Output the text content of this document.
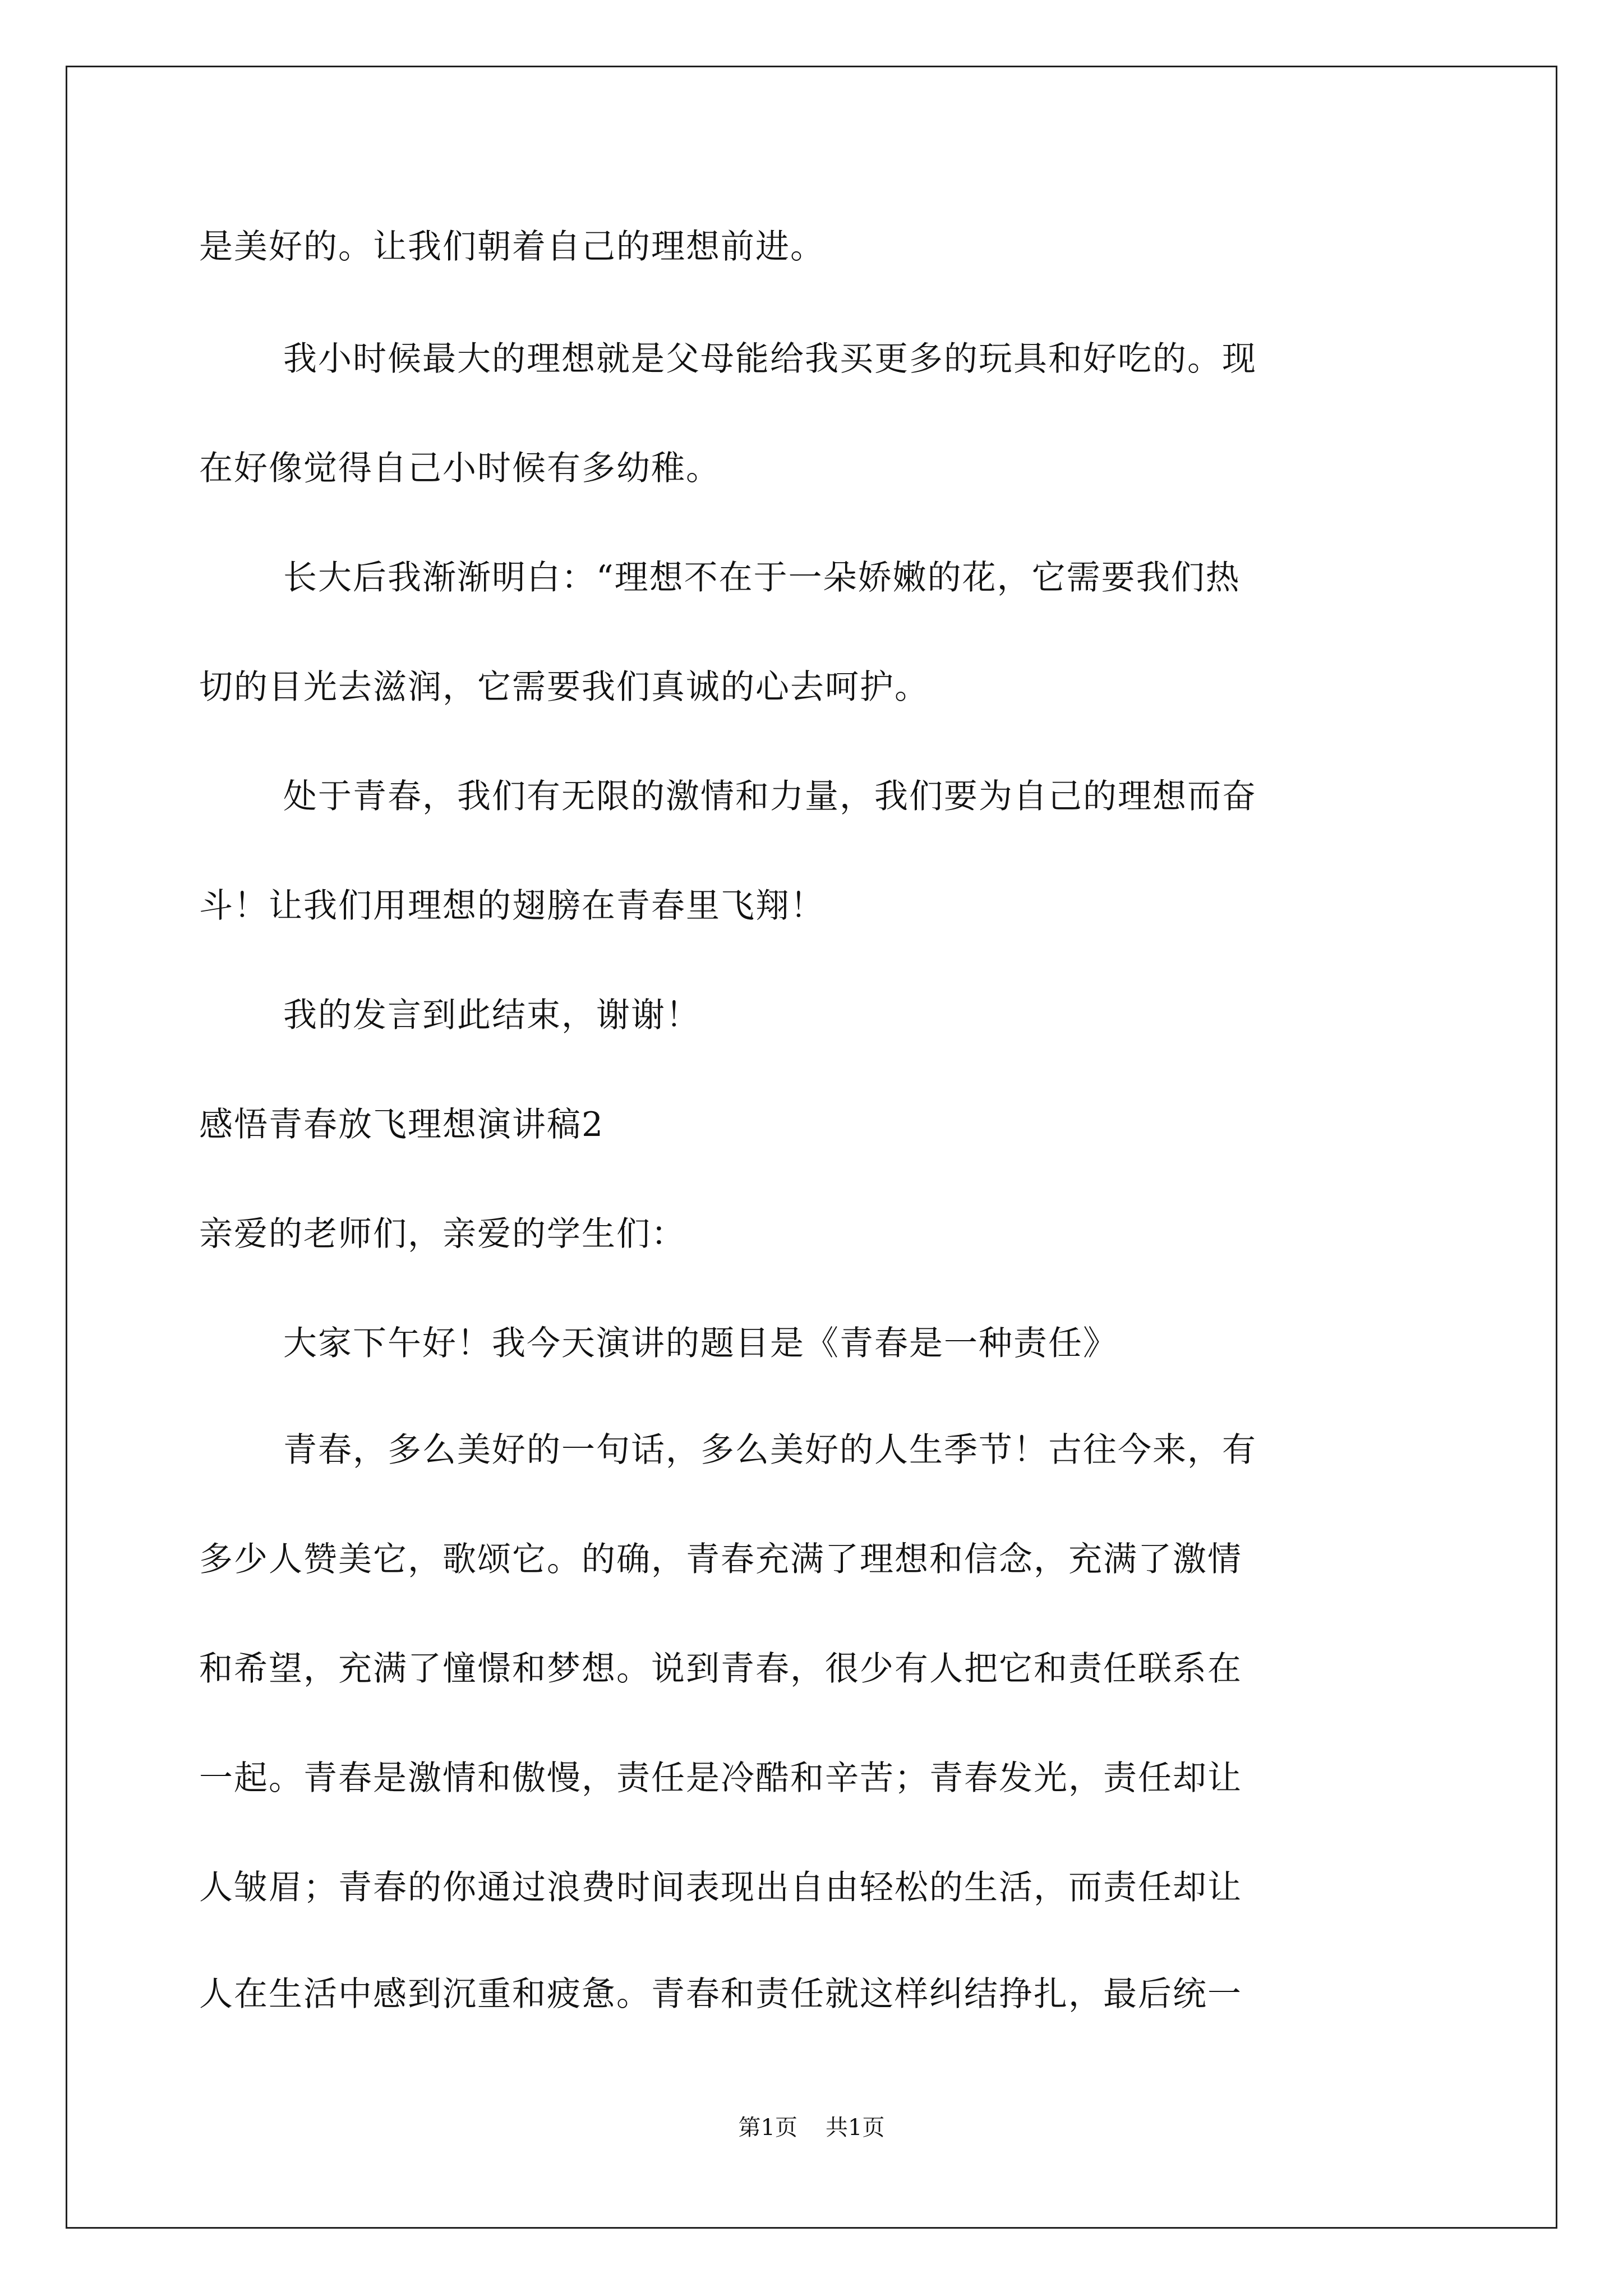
是美好的。让我们朝着自己的理想前进。
我小时候最大的理想就是父母能给我买更多的玩具和好吃的。现
在好像觉得自己小时候有多幼稚。
长大后我渐渐明白：“理想不在于一朵娇嫩的花，它需要我们热
切的目光去滋润，它需要我们真诚的心去呵护。
处于青春，我们有无限的激情和力量，我们要为自己的理想而奋
斗！让我们用理想的翅膀在青春里飞翔！
我的发言到此结束，谢谢！
感悟青春放飞理想演讲稿2
亲爱的老师们，亲爱的学生们：
大家下午好！我今天演讲的题目是《青春是一种责任》
青春，多么美好的一句话，多么美好的人生季节！古往今来，有
多少人赞美它，歌颂它。的确，青春充满了理想和信念，充满了激情
和希望，充满了憧憬和梦想。说到青春，很少有人把它和责任联系在
一起。青春是激情和傲慢，责任是冷酷和辛苦；青春发光，责任却让
人皱眉；青春的你通过浪费时间表现出自由轻松的生活，而责任却让
人在生活中感到沉重和疲惫。青春和责任就这样纠结挣扎，最后统一
第1页 共1页
